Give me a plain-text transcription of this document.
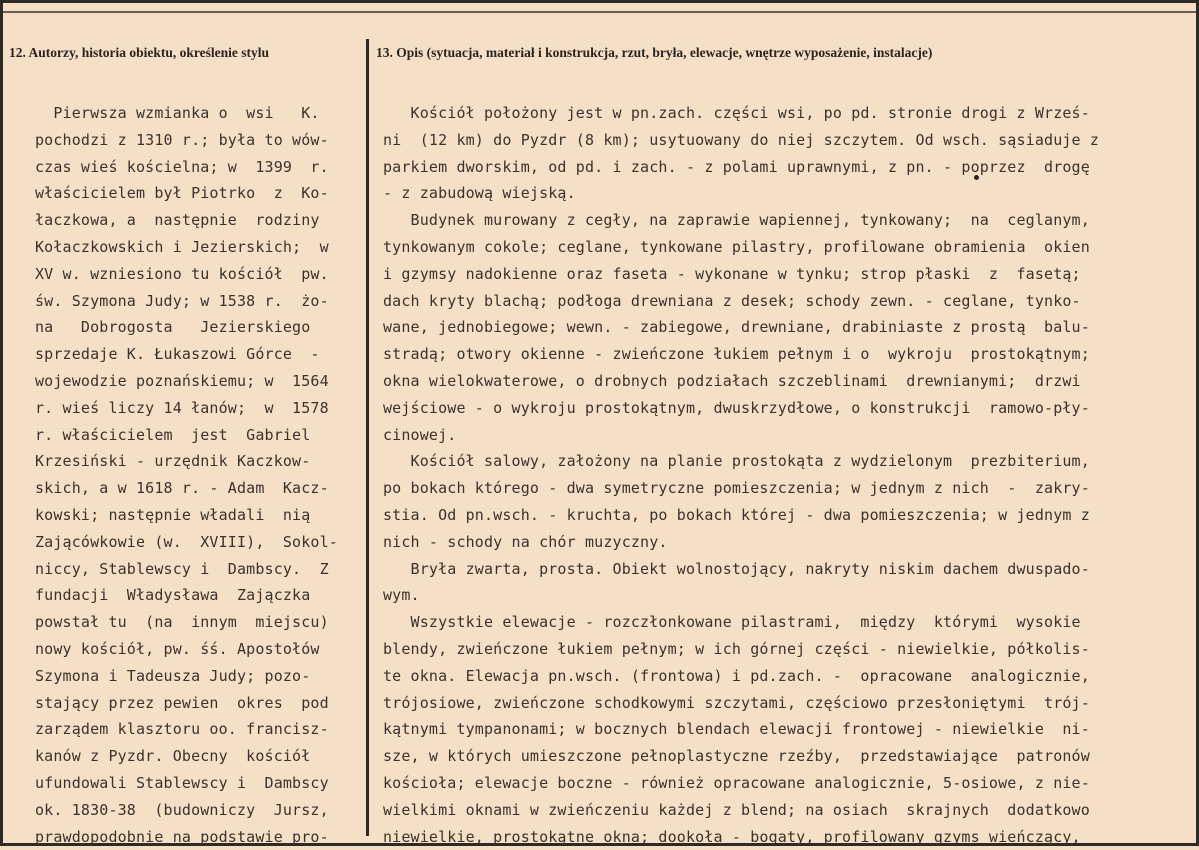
12. Autorzy, historia obiektu, określenie stylu	13. Opis (sytuacja, materiał i konstrukcja, rzut, bryła, elewacje, wnętrze wyposażenie, instalacje)
Pierwsza wzmianka o  wsi   K.
pochodzi z 1310 r.; była to wów-
czas wieś kościelna; w  1399  r.
właścicielem był Piotrko  z  Ko-
łaczkowa, a  następnie  rodziny
Kołaczkowskich i Jezierskich;  w
XV w. wzniesiono tu kościół  pw.
św. Szymona Judy; w 1538 r.  żo-
na   Dobrogosta   Jezierskiego
sprzedaje K. Łukaszowi Górce  -
wojewodzie poznańskiemu; w  1564
r. wieś liczy 14 łanów;  w  1578
r. właścicielem  jest  Gabriel
Krzesiński - urzędnik Kaczkow-
skich, a w 1618 r. - Adam  Kacz-
kowski; następnie władali  nią
Zającówkowie (w.  XVIII),  Sokol-
niccy, Stablewscy i  Dambscy.  Z
fundacji  Władysława  Zajączka
powstał tu  (na  innym  miejscu)
nowy kościół, pw. śś. Apostołów
Szymona i Tadeusza Judy; pozo-
stający przez pewien  okres  pod
zarządem klasztoru oo. francisz-
kanów z Pyzdr. Obecny  kościół
ufundowali Stablewscy i  Dambscy
ok. 1830-38  (budowniczy  Jursz,
prawdopodobnie na podstawie pro-
Kościół położony jest w pn.zach. części wsi, po pd. stronie drogi z Wrześ-
ni  (12 km) do Pyzdr (8 km); usytuowany do niej szczytem. Od wsch. sąsiaduje z
parkiem dworskim, od pd. i zach. - z polami uprawnymi, z pn. - poprzez  drogę
- z zabudową wiejską.
Budynek murowany z cegły, na zaprawie wapiennej, tynkowany;  na  ceglanym,
tynkowanym cokole; ceglane, tynkowane pilastry, profilowane obramienia  okien
i gzymsy nadokienne oraz faseta - wykonane w tynku; strop płaski  z  fasetą;
dach kryty blachą; podłoga drewniana z desek; schody zewn. - ceglane, tynko-
wane, jednobiegowe; wewn. - zabiegowe, drewniane, drabiniaste z prostą  balu-
stradą; otwory okienne - zwieńczone łukiem pełnym i o  wykroju  prostokątnym;
okna wielokwaterowe, o drobnych podziałach szczeblinami  drewnianymi;  drzwi
wejściowe - o wykroju prostokątnym, dwuskrzydłowe, o konstrukcji  ramowo-pły-
cinowej.
Kościół salowy, założony na planie prostokąta z wydzielonym  prezbiterium,
po bokach którego - dwa symetryczne pomieszczenia; w jednym z nich  -  zakry-
stia. Od pn.wsch. - kruchta, po bokach której - dwa pomieszczenia; w jednym z
nich - schody na chór muzyczny.
Bryła zwarta, prosta. Obiekt wolnostojący, nakryty niskim dachem dwuspado-
wym.
Wszystkie elewacje - rozczłonkowane pilastrami,  między  którymi  wysokie
blendy, zwieńczone łukiem pełnym; w ich górnej części - niewielkie, półkolis-
te okna. Elewacja pn.wsch. (frontowa) i pd.zach. -  opracowane  analogicznie,
trójosiowe, zwieńczone schodkowymi szczytami, częściowo przesłoniętymi  trój-
kątnymi tympanonami; w bocznych blendach elewacji frontowej - niewielkie  ni-
sze, w których umieszczone pełnoplastyczne rzeźby,  przedstawiające  patronów
kościoła; elewacje boczne - również opracowane analogicznie, 5-osiowe, z nie-
wielkimi oknami w zwieńczeniu każdej z blend; na osiach  skrajnych  dodatkowo
niewielkie, prostokątne okna; dookoła - bogaty, profilowany gzyms wieńczący,
